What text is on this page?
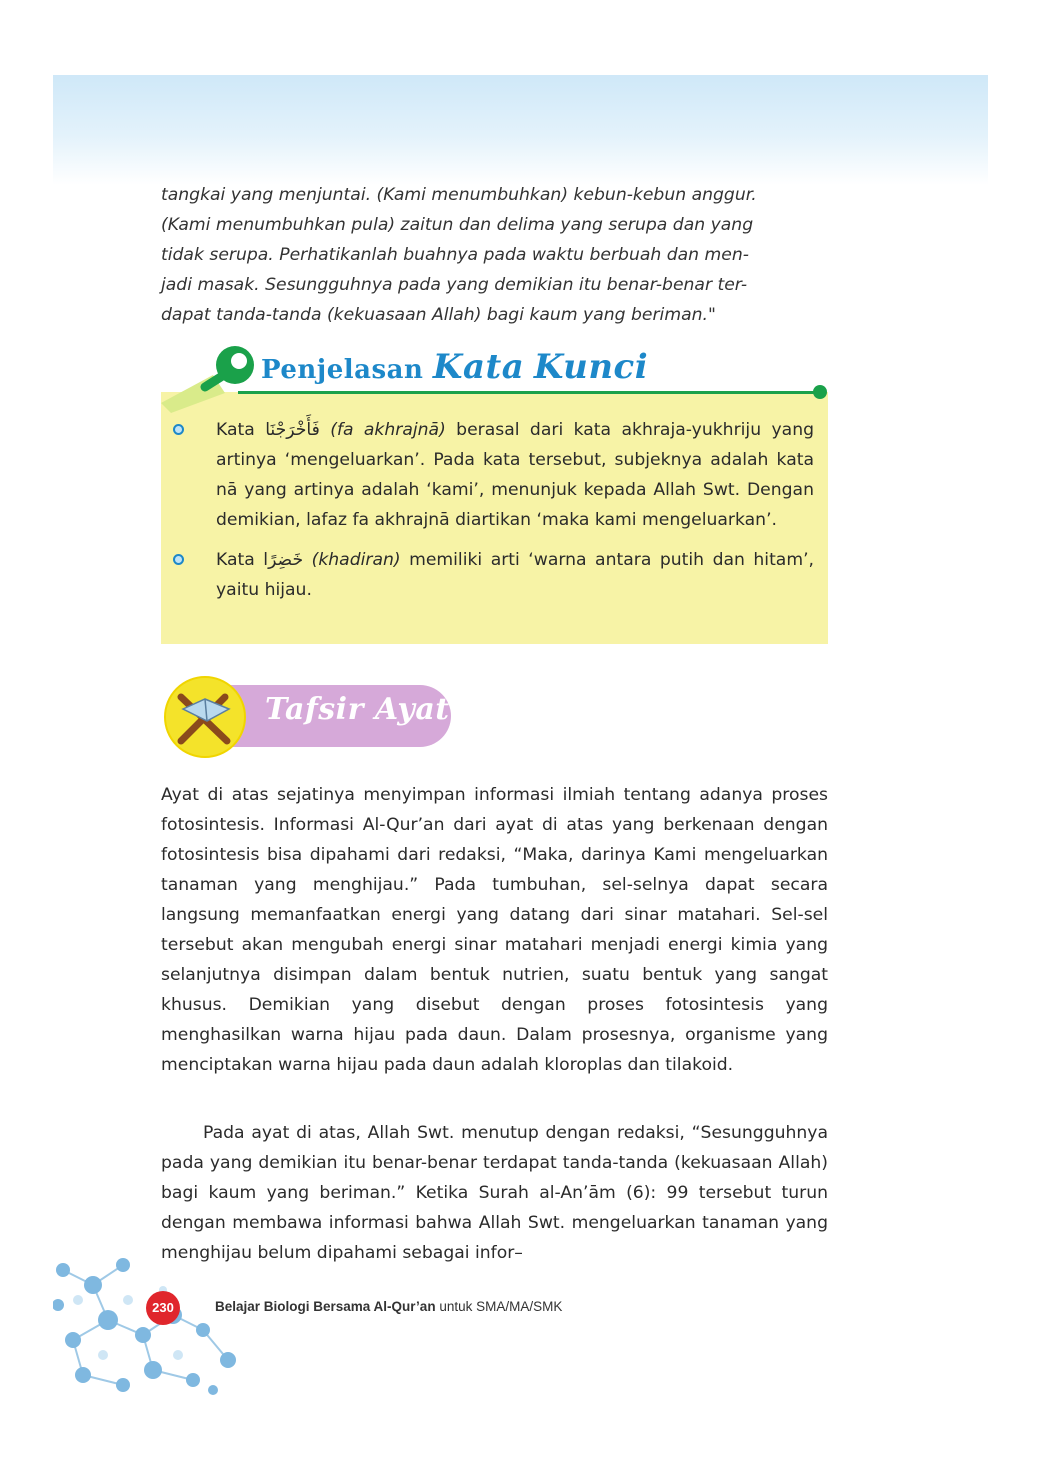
tangkai yang menjuntai. (Kami menumbuhkan) kebun-kebun anggur.

(Kami menumbuhkan pula) zaitun dan delima yang serupa dan yang

tidak serupa. Perhatikanlah buahnya pada waktu berbuah dan men-

jadi masak. Sesungguhnya pada yang demikian itu benar-benar ter-

dapat tanda-tanda (kekuasaan Allah) bagi kaum yang beriman."

Penjelasan Kata Kunci
Kata فَأَخْرَجْنَا (fa akhrajnā) berasal dari kata akhraja-yukhriju yang artinya ‘mengeluarkan’. Pada kata tersebut, subjeknya adalah kata nā yang artinya adalah ‘kami’, menunjuk kepada Allah Swt. Dengan demikian, lafaz fa akhrajnā diartikan ‘maka kami mengeluarkan’.
Kata خَضِرًا (khadiran) memiliki arti ‘warna antara putih dan hitam’, yaitu hijau.
Tafsir Ayat

Ayat di atas sejatinya menyimpan informasi ilmiah tentang adanya proses fotosintesis. Informasi Al-Qur’an dari ayat di atas yang berkenaan dengan fotosintesis bisa dipahami dari redaksi, “Maka, darinya Kami mengeluarkan tanaman yang menghijau.” Pada tumbuhan, sel-selnya dapat secara langsung memanfaatkan energi yang datang dari sinar matahari. Sel-sel tersebut akan mengubah energi sinar matahari menjadi energi kimia yang selanjutnya disimpan dalam bentuk nutrien, suatu bentuk yang sangat khusus. Demikian yang disebut dengan proses fotosintesis yang menghasilkan warna hijau pada daun. Dalam prosesnya, organisme yang menciptakan warna hijau pada daun adalah kloroplas dan tilakoid.

Pada ayat di atas, Allah Swt. menutup dengan redaksi, “Sesungguhnya pada yang demikian itu benar-benar terdapat tanda-tanda (kekuasaan Allah) bagi kaum yang beriman.” Ketika Surah al-An’ām (6): 99 tersebut turun dengan membawa informasi bahwa Allah Swt. mengeluarkan tanaman yang menghijau belum dipahami sebagai infor–

230	Belajar Biologi Bersama Al-Qur’an untuk SMA/MA/SMK
